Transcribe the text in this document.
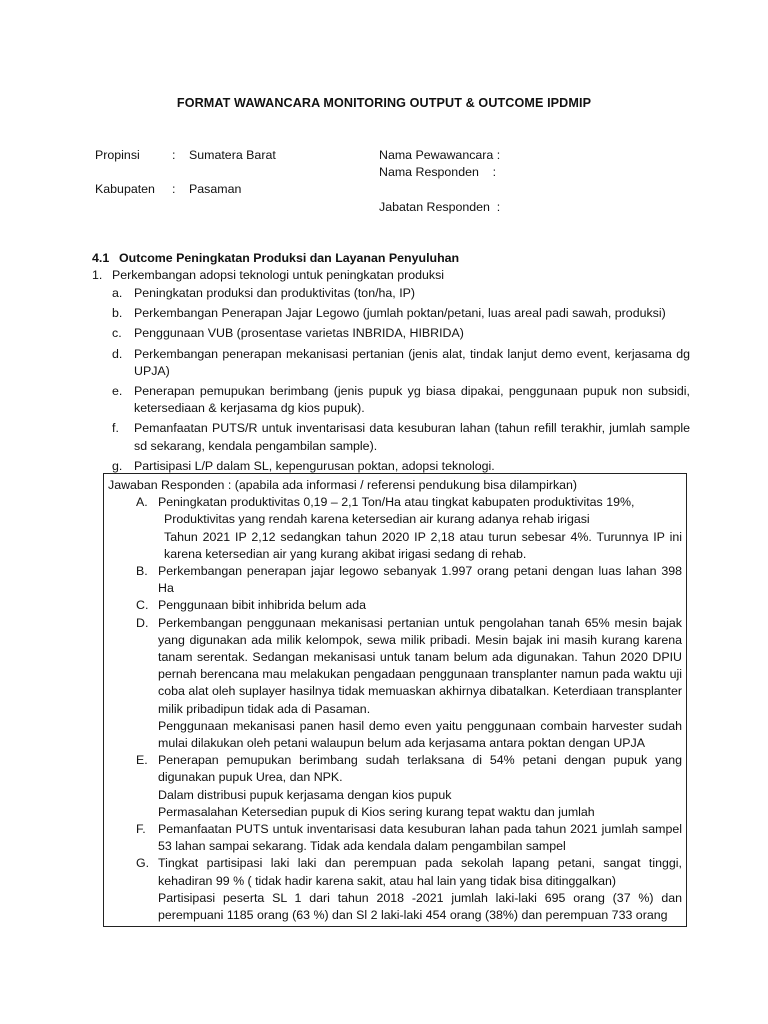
FORMAT WAWANCARA MONITORING OUTPUT & OUTCOME IPDMIP
Propinsi	: Sumatera Barat
Kabupaten : Pasaman
Nama Pewawancara :
Nama Responden    :
Jabatan Responden  :
4.1 Outcome Peningkatan Produksi dan Layanan Penyuluhan
1. Perkembangan adopsi teknologi untuk peningkatan produksi
a. Peningkatan produksi dan produktivitas (ton/ha, IP)
b. Perkembangan Penerapan Jajar Legowo (jumlah poktan/petani, luas areal padi sawah, produksi)
c. Penggunaan VUB (prosentase varietas INBRIDA, HIBRIDA)
d. Perkembangan penerapan mekanisasi pertanian (jenis alat, tindak lanjut demo event, kerjasama dg UPJA)
e. Penerapan pemupukan berimbang (jenis pupuk yg biasa dipakai, penggunaan pupuk non subsidi, ketersediaan & kerjasama dg kios pupuk).
f. Pemanfaatan PUTS/R untuk inventarisasi data kesuburan lahan (tahun refill terakhir, jumlah sample sd sekarang, kendala pengambilan sample).
g. Partisipasi L/P dalam SL, kepengurusan poktan, adopsi teknologi.
Jawaban Responden : (apabila ada informasi / referensi pendukung bisa dilampirkan)
A. Peningkatan produktivitas 0,19 – 2,1 Ton/Ha atau tingkat kabupaten produktivitas 19%,

Produktivitas yang rendah karena ketersedian air kurang adanya rehab irigasi

Tahun 2021 IP 2,12 sedangkan tahun 2020 IP 2,18 atau turun sebesar 4%. Turunnya IP ini karena ketersedian air yang kurang akibat irigasi sedang di rehab.

B. Perkembangan penerapan jajar legowo sebanyak 1.997 orang petani dengan luas lahan 398 Ha

C. Penggunaan bibit inhibrida belum ada

D. Perkembangan penggunaan mekanisasi pertanian untuk pengolahan tanah 65% mesin bajak yang digunakan ada milik kelompok, sewa milik pribadi. Mesin bajak ini masih kurang karena tanam serentak. Sedangan mekanisasi untuk tanam belum ada digunakan. Tahun 2020 DPIU pernah berencana mau melakukan pengadaan penggunaan transplanter namun pada waktu uji coba alat oleh suplayer hasilnya tidak memuaskan akhirnya dibatalkan. Keterdiaan transplanter milik pribadipun tidak ada di Pasaman.

Penggunaan mekanisasi panen hasil demo even yaitu penggunaan combain harvester sudah mulai dilakukan oleh petani walaupun belum ada kerjasama antara poktan dengan UPJA

E. Penerapan pemupukan berimbang sudah terlaksana di 54% petani dengan pupuk yang digunakan pupuk Urea, dan NPK.

Dalam distribusi pupuk kerjasama dengan kios pupuk

Permasalahan Ketersedian pupuk di Kios sering kurang tepat waktu dan jumlah

F. Pemanfaatan PUTS untuk inventarisasi data kesuburan lahan pada tahun 2021 jumlah sampel 53 lahan sampai sekarang. Tidak ada kendala dalam pengambilan sampel

G. Tingkat partisipasi laki laki dan perempuan pada sekolah lapang petani, sangat tinggi, kehadiran 99 % ( tidak hadir karena sakit, atau hal lain yang tidak bisa ditinggalkan)

Partisipasi peserta SL 1 dari tahun 2018 -2021 jumlah laki-laki 695 orang (37 %) dan perempuani 1185 orang (63 %) dan Sl 2 laki-laki 454 orang (38%) dan perempuan 733 orang
